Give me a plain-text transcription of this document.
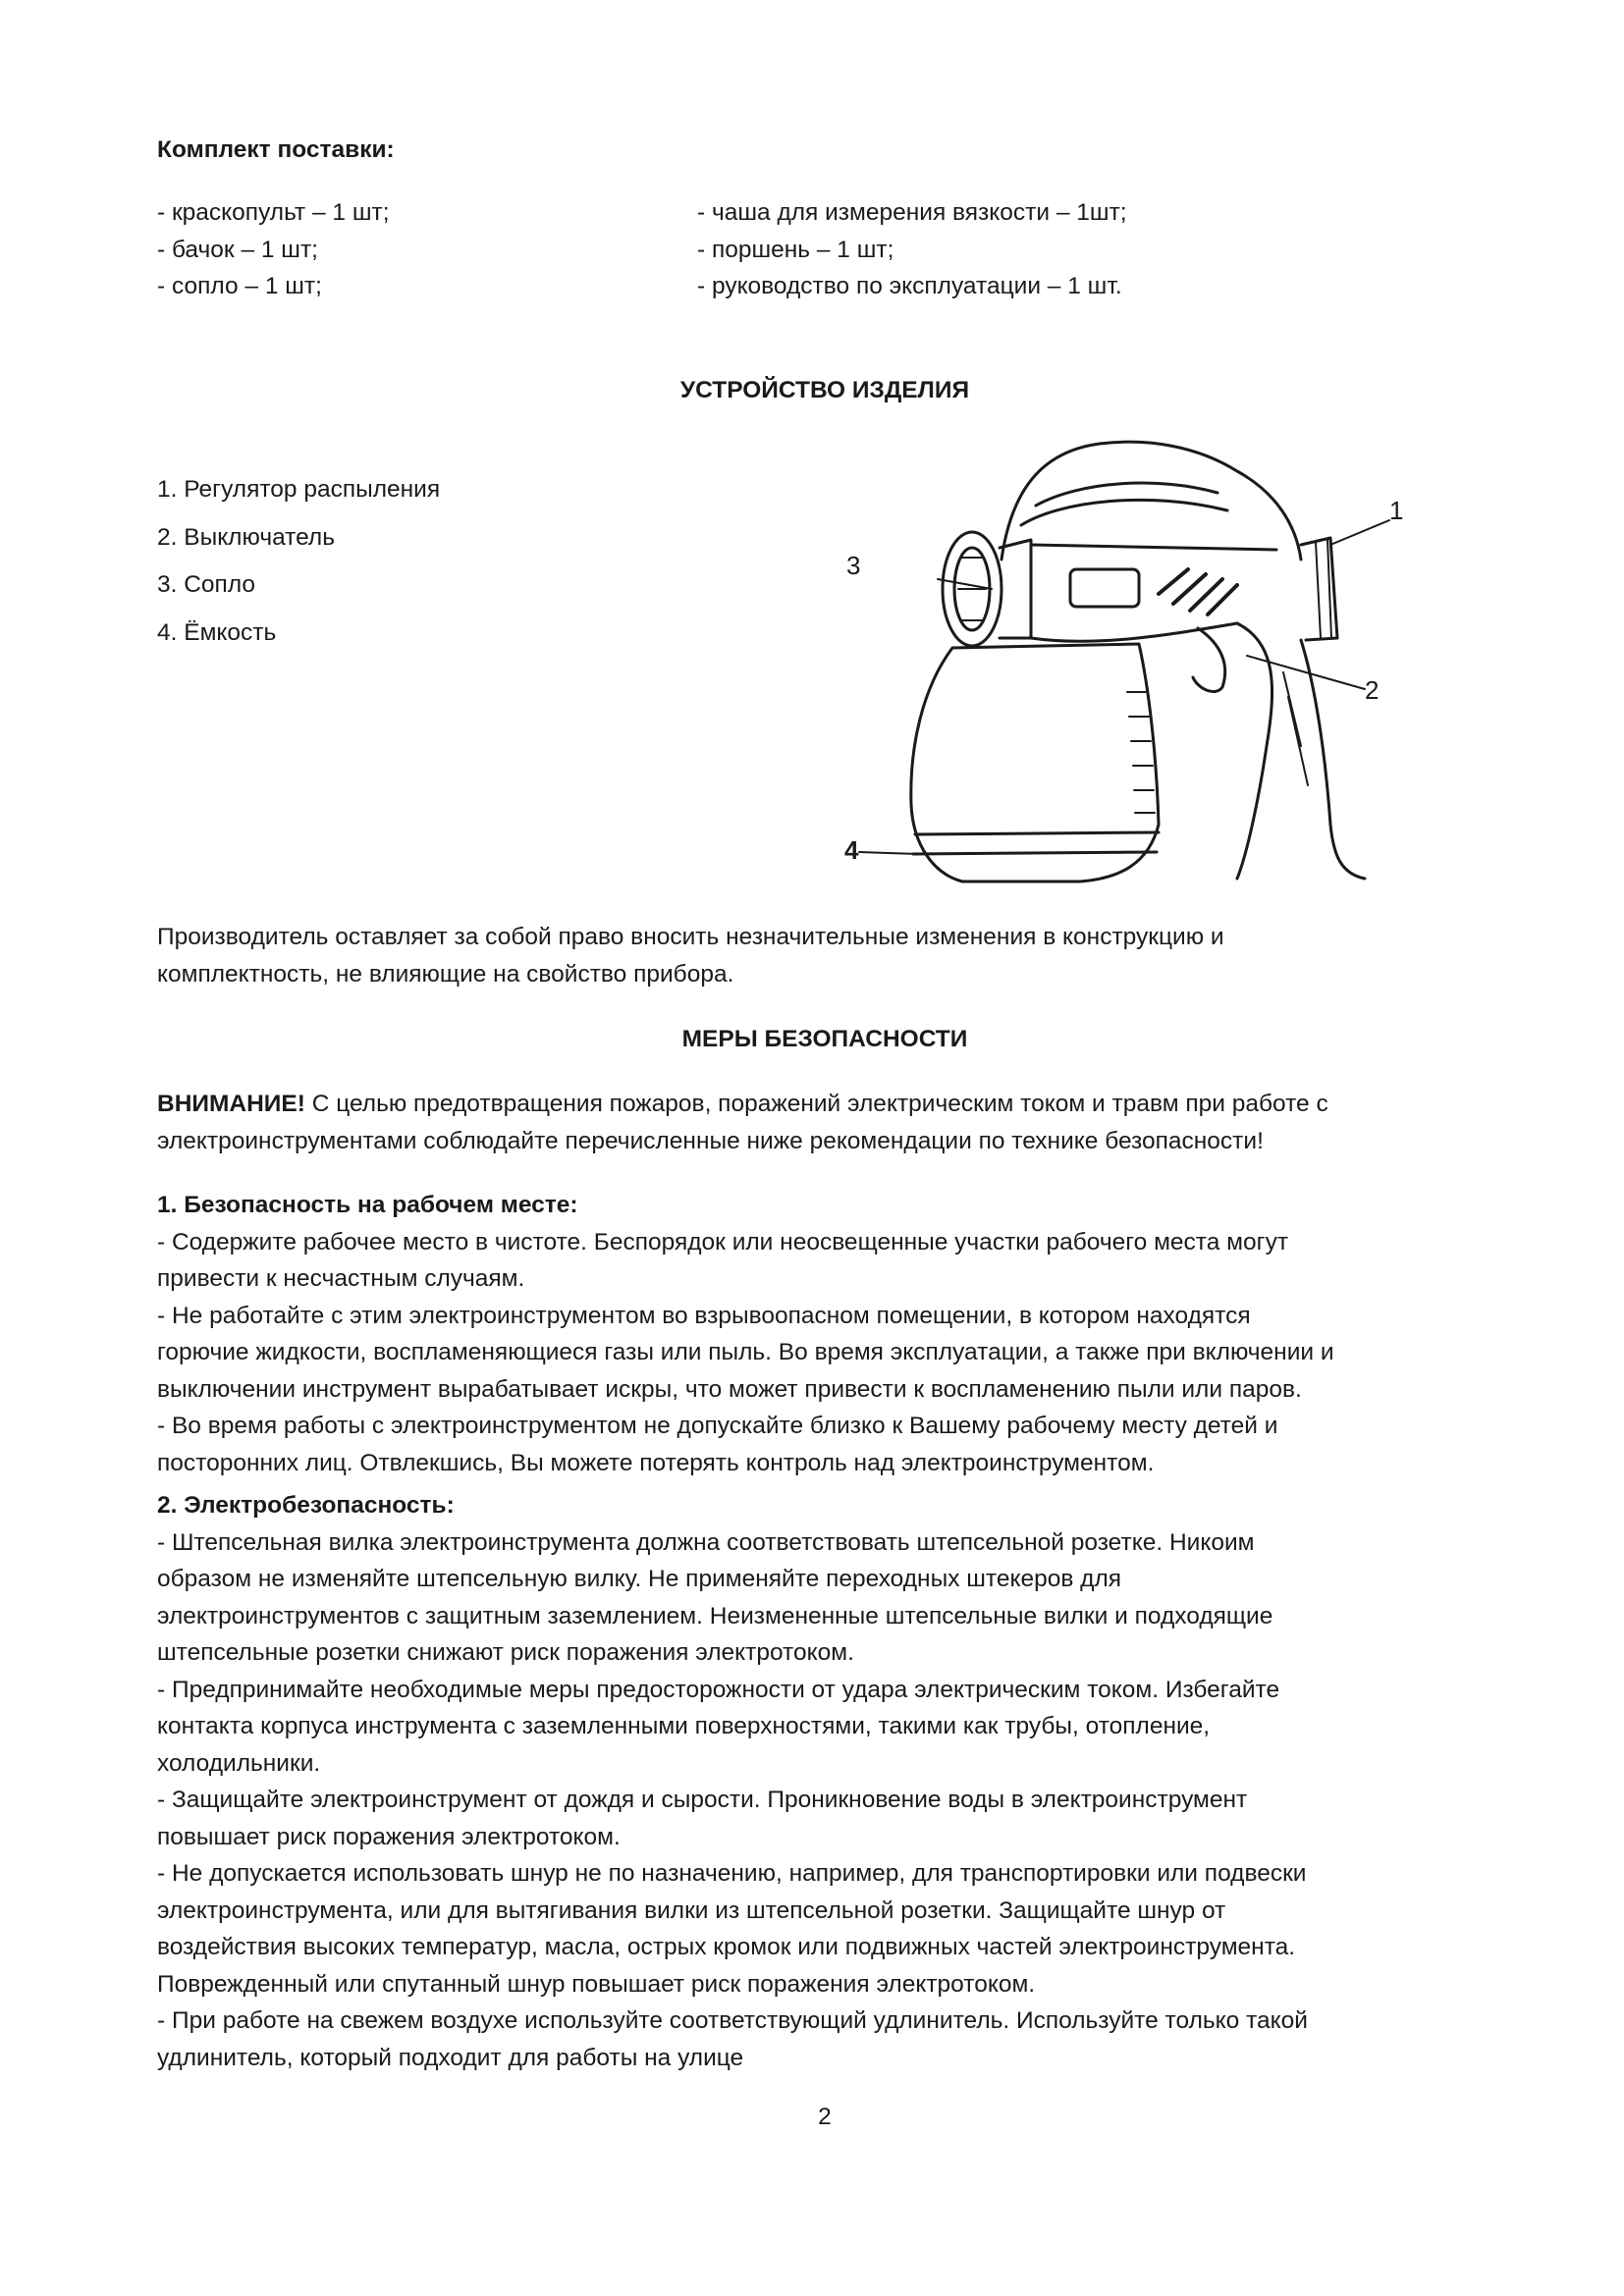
Комплект поставки:
- краскопульт – 1 шт;
- бачок – 1 шт;
- сопло – 1 шт;
- чаша для измерения вязкости – 1шт;
- поршень – 1 шт;
- руководство по эксплуатации – 1 шт.
УСТРОЙСТВО ИЗДЕЛИЯ
1. Регулятор распыления
2. Выключатель
3. Сопло
4. Ёмкость
Производитель оставляет за собой право вносить незначительные изменения в конструкцию и
комплектность, не влияющие на свойство прибора.
МЕРЫ БЕЗОПАСНОСТИ
ВНИМАНИЕ! С целью предотвращения пожаров, поражений электрическим током и травм при работе с
электроинструментами соблюдайте перечисленные ниже рекомендации по технике безопасности!
1. Безопасность на рабочем месте:
- Содержите рабочее место в чистоте. Беспорядок или неосвещенные участки рабочего места могут
привести к несчастным случаям.
- Не работайте с этим электроинструментом во взрывоопасном помещении, в котором находятся
горючие жидкости, воспламеняющиеся газы или пыль. Во время эксплуатации, а также при включении и
выключении инструмент вырабатывает искры, что может привести к воспламенению пыли или паров.
- Во время работы с электроинструментом не допускайте близко к Вашему рабочему месту детей и
посторонних лиц. Отвлекшись, Вы можете потерять контроль над электроинструментом.
2. Электробезопасность:
- Штепсельная вилка электроинструмента должна соответствовать штепсельной розетке. Никоим
образом не изменяйте штепсельную вилку. Не применяйте переходных штекеров для
электроинструментов с защитным заземлением. Неизмененные штепсельные вилки и подходящие
штепсельные розетки снижают риск поражения электротоком.
- Предпринимайте необходимые меры предосторожности от удара электрическим током. Избегайте
контакта корпуса инструмента с заземленными поверхностями, такими как трубы, отопление,
холодильники.
- Защищайте электроинструмент от дождя и сырости. Проникновение воды в электроинструмент
повышает риск поражения электротоком.
- Не допускается использовать шнур не по назначению, например, для транспортировки или подвески
электроинструмента, или для вытягивания вилки из штепсельной розетки. Защищайте шнур от
воздействия высоких температур, масла, острых кромок или подвижных частей электроинструмента.
Поврежденный или спутанный шнур повышает риск поражения электротоком.
- При работе на свежем воздухе используйте соответствующий удлинитель. Используйте только такой
удлинитель, который подходит для работы на улице
2
1
2
3
4
